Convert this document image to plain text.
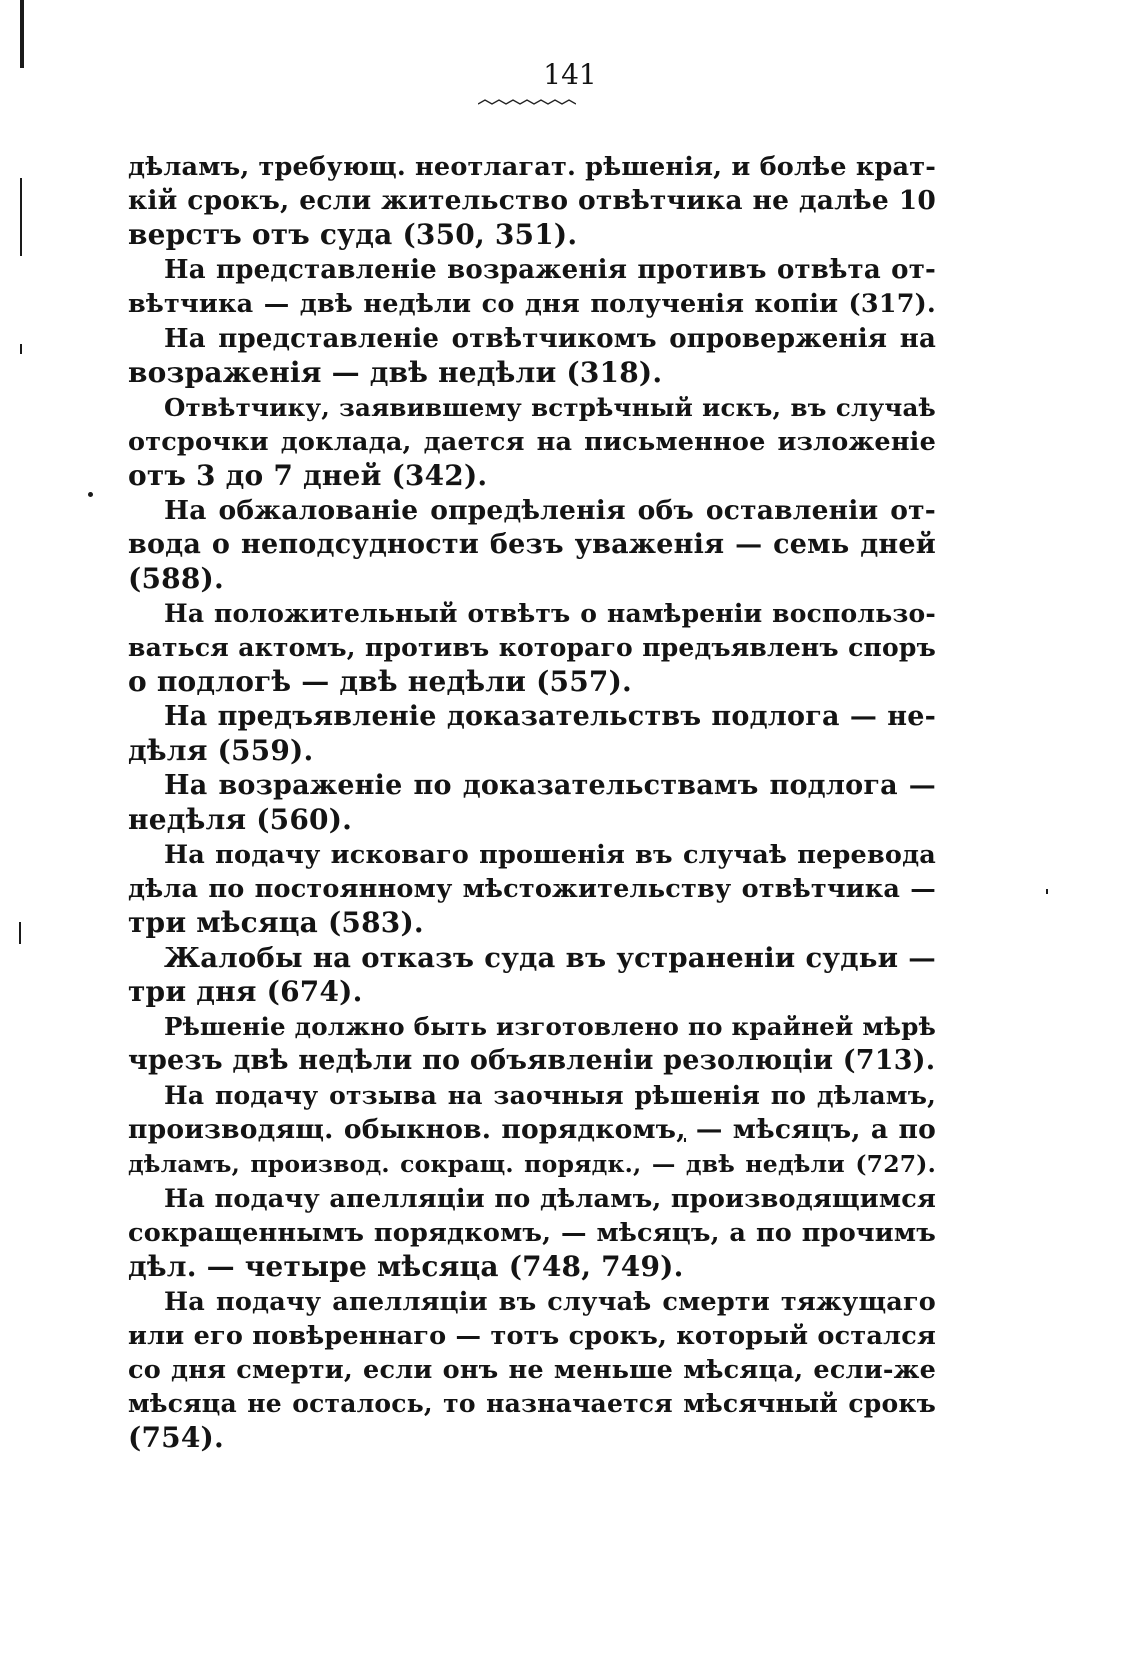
141
дѣламъ, требующ. неотлагат. рѣшенія, и болѣе крат-
кій срокъ, если жительство отвѣтчика не далѣе 10
верстъ отъ суда (350, 351).
На представленіе возраженія противъ отвѣта от-
вѣтчика — двѣ недѣли со дня полученія копіи (317).
На представленіе отвѣтчикомъ опроверженія на
возраженія — двѣ недѣли (318).
Отвѣтчику, заявившему встрѣчный искъ, въ случаѣ
отсрочки доклада, дается на письменное изложеніе
отъ 3 до 7 дней (342).
На обжалованіе опредѣленія объ оставленіи от-
вода о неподсудности безъ уваженія — семь дней
(588).
На положительный отвѣтъ о намѣреніи воспользо-
ваться актомъ, противъ котораго предъявленъ споръ
о подлогѣ — двѣ недѣли (557).
На предъявленіе доказательствъ подлога — не-
дѣля (559).
На возраженіе по доказательствамъ подлога —
недѣля (560).
На подачу исковаго прошенія въ случаѣ перевода
дѣла по постоянному мѣстожительству отвѣтчика —
три мѣсяца (583).
Жалобы на отказъ суда въ устраненіи судьи —
три дня (674).
Рѣшеніе должно быть изготовлено по крайней мѣрѣ
чрезъ двѣ недѣли по объявленіи резолюціи (713).
На подачу отзыва на заочныя рѣшенія по дѣламъ,
производящ. обыкнов. порядкомъ, — мѣсяцъ, а по
дѣламъ, производ. сокращ. порядк., — двѣ недѣли (727).
На подачу апелляціи по дѣламъ, производящимся
сокращеннымъ порядкомъ, — мѣсяцъ, а по прочимъ
дѣл. — четыре мѣсяца (748, 749).
На подачу апелляціи въ случаѣ смерти тяжущаго
или его повѣреннаго — тотъ срокъ, который остался
со дня смерти, если онъ не меньше мѣсяца, если-же
мѣсяца не осталось, то назначается мѣсячный срокъ
(754).
